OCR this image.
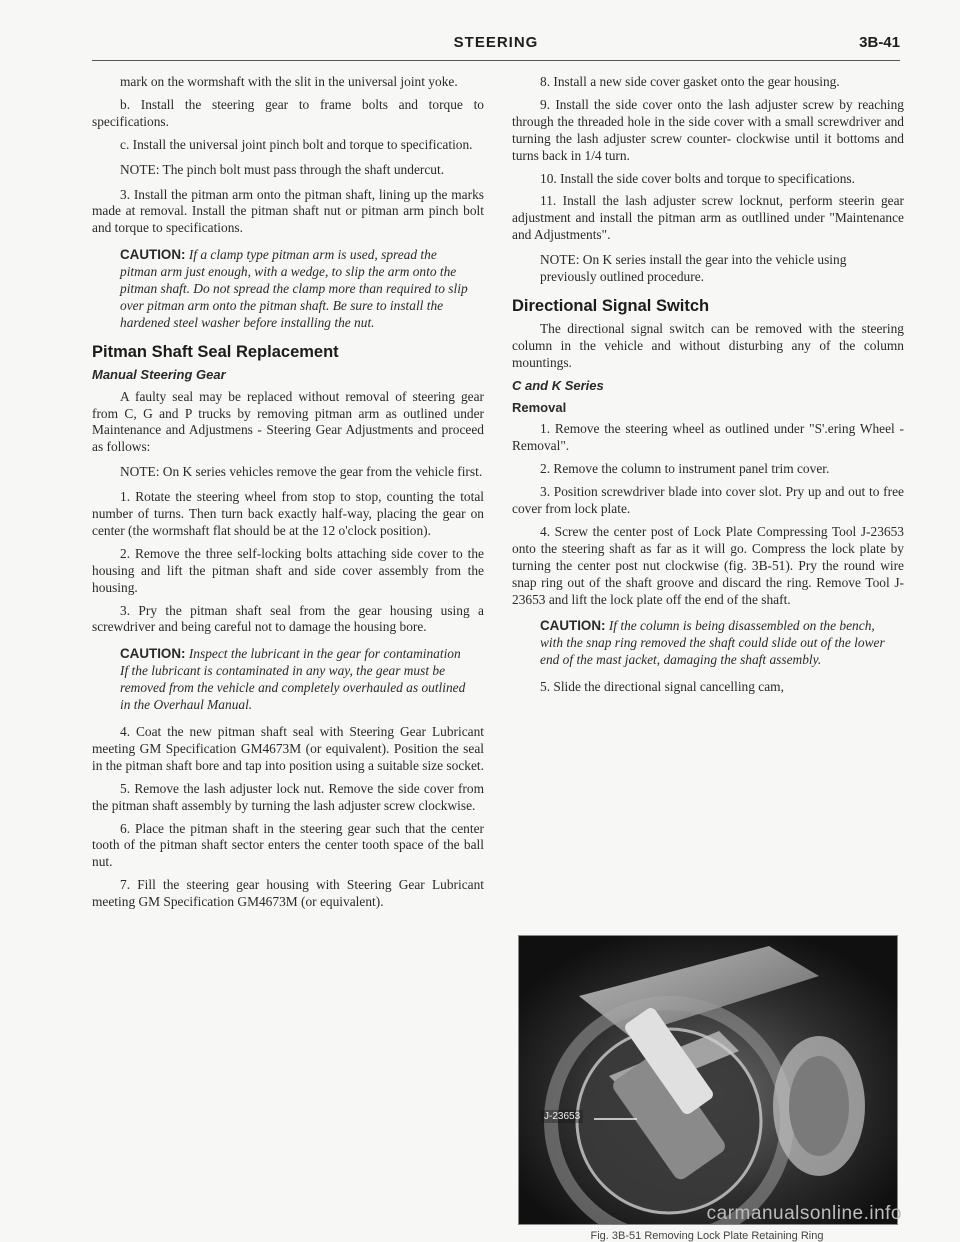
STEERING	3B-41

mark on the wormshaft with the slit in the universal joint yoke.

b. Install the steering gear to frame bolts and torque to specifications.

c. Install the universal joint pinch bolt and torque to specification.

NOTE: The pinch bolt must pass through the shaft undercut.

3. Install the pitman arm onto the pitman shaft, lining up the marks made at removal. Install the pitman shaft nut or pitman arm pinch bolt and torque to specifications.

CAUTION: If a clamp type pitman arm is used, spread the pitman arm just enough, with a wedge, to slip the arm onto the pitman shaft. Do not spread the clamp more than required to slip over pitman arm onto the pitman shaft. Be sure to install the hardened steel washer before installing the nut.

Pitman Shaft Seal Replacement
Manual Steering Gear

A faulty seal may be replaced without removal of steering gear from C, G and P trucks by removing pitman arm as outlined under Maintenance and Adjustmens - Steering Gear Adjustments and proceed as follows:

NOTE: On K series vehicles remove the gear from the vehicle first.

1. Rotate the steering wheel from stop to stop, counting the total number of turns. Then turn back exactly half-way, placing the gear on center (the wormshaft flat should be at the 12 o'clock position).

2. Remove the three self-locking bolts attaching side cover to the housing and lift the pitman shaft and side cover assembly from the housing.

3. Pry the pitman shaft seal from the gear housing using a screwdriver and being careful not to damage the housing bore.

CAUTION: Inspect the lubricant in the gear for contamination If the lubricant is contaminated in any way, the gear must be removed from the vehicle and completely overhauled as outlined in the Overhaul Manual.

4. Coat the new pitman shaft seal with Steering Gear Lubricant meeting GM Specification GM4673M (or equivalent). Position the seal in the pitman shaft bore and tap into position using a suitable size socket.

5. Remove the lash adjuster lock nut. Remove the side cover from the pitman shaft assembly by turning the lash adjuster screw clockwise.

6. Place the pitman shaft in the steering gear such that the center tooth of the pitman shaft sector enters the center tooth space of the ball nut.

7. Fill the steering gear housing with Steering Gear Lubricant meeting GM Specification GM4673M (or equivalent).

8. Install a new side cover gasket onto the gear housing.

9. Install the side cover onto the lash adjuster screw by reaching through the threaded hole in the side cover with a small screwdriver and turning the lash adjuster screw counter- clockwise until it bottoms and turns back in 1/4 turn.

10. Install the side cover bolts and torque to specifications.

11. Install the lash adjuster screw locknut, perform steerin gear adjustment and install the pitman arm as outllined under "Maintenance and Adjustments".

NOTE: On K series install the gear into the vehicle using previously outlined procedure.

Directional Signal Switch

The directional signal switch can be removed with the steering column in the vehicle and without disturbing any of the column mountings.

C and K Series
Removal

1. Remove the steering wheel as outlined under "S'.ering Wheel - Removal".

2. Remove the column to instrument panel trim cover.

3. Position screwdriver blade into cover slot. Pry up and out to free cover from lock plate.

4. Screw the center post of Lock Plate Compressing Tool J-23653 onto the steering shaft as far as it will go. Compress the lock plate by turning the center post nut clockwise (fig. 3B-51). Pry the round wire snap ring out of the shaft groove and discard the ring. Remove Tool J-23653 and lift the lock plate off the end of the shaft.

CAUTION: If the column is being disassembled on the bench, with the snap ring removed the shaft could slide out of the lower end of the mast jacket, damaging the shaft assembly.

5. Slide the directional signal cancelling cam,

J-23653
Fig. 3B-51 Removing Lock Plate Retaining Ring
carmanualsonline.info
